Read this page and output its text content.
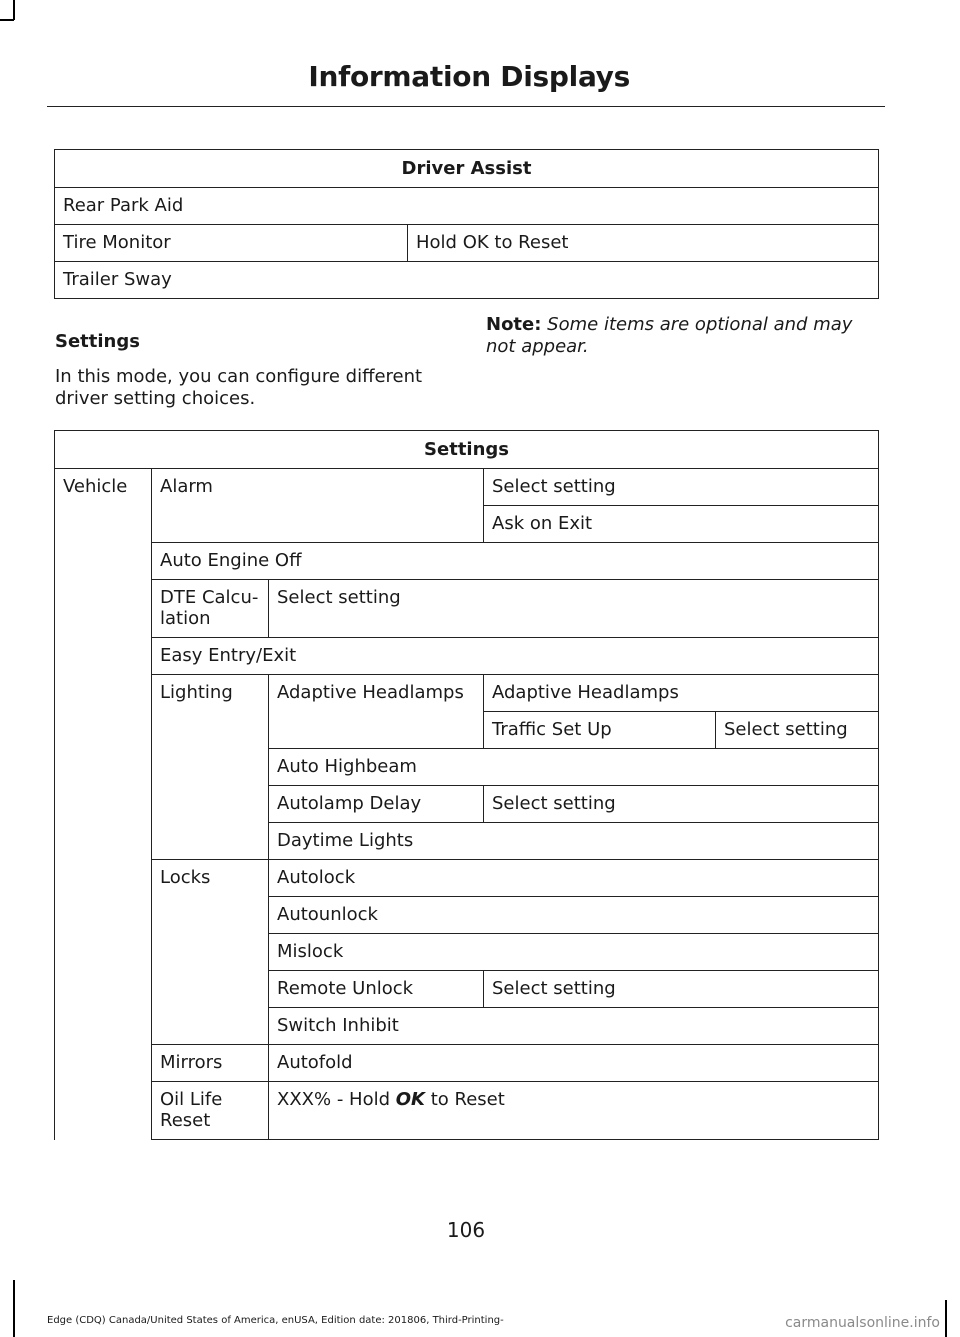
Information Displays
Driver Assist
Rear Park Aid
Tire Monitor	Hold OK to Reset
Trailer Sway
Settings
In this mode, you can configure different driver setting choices.
Note: Some items are optional and may not appear.
Settings				
Vehicle	Alarm		Select setting	
			Ask on Exit	
	Auto Engine Off			
	DTE Calcu-lation	Select setting		
	Easy Entry/Exit			
	Lighting	Adaptive Headlamps	Adaptive Headlamps	
			Traffic Set Up	Select setting
		Auto Highbeam		
		Autolamp Delay	Select setting	
		Daytime Lights		
	Locks	Autolock		
		Autounlock		
		Mislock		
		Remote Unlock	Select setting	
		Switch Inhibit		
	Mirrors	Autofold		
	Oil Life Reset	XXX% - Hold OK to Reset		
106
Edge (CDQ) Canada/United States of America, enUSA, Edition date: 201806, Third-Printing-	carmanualsonline.info
